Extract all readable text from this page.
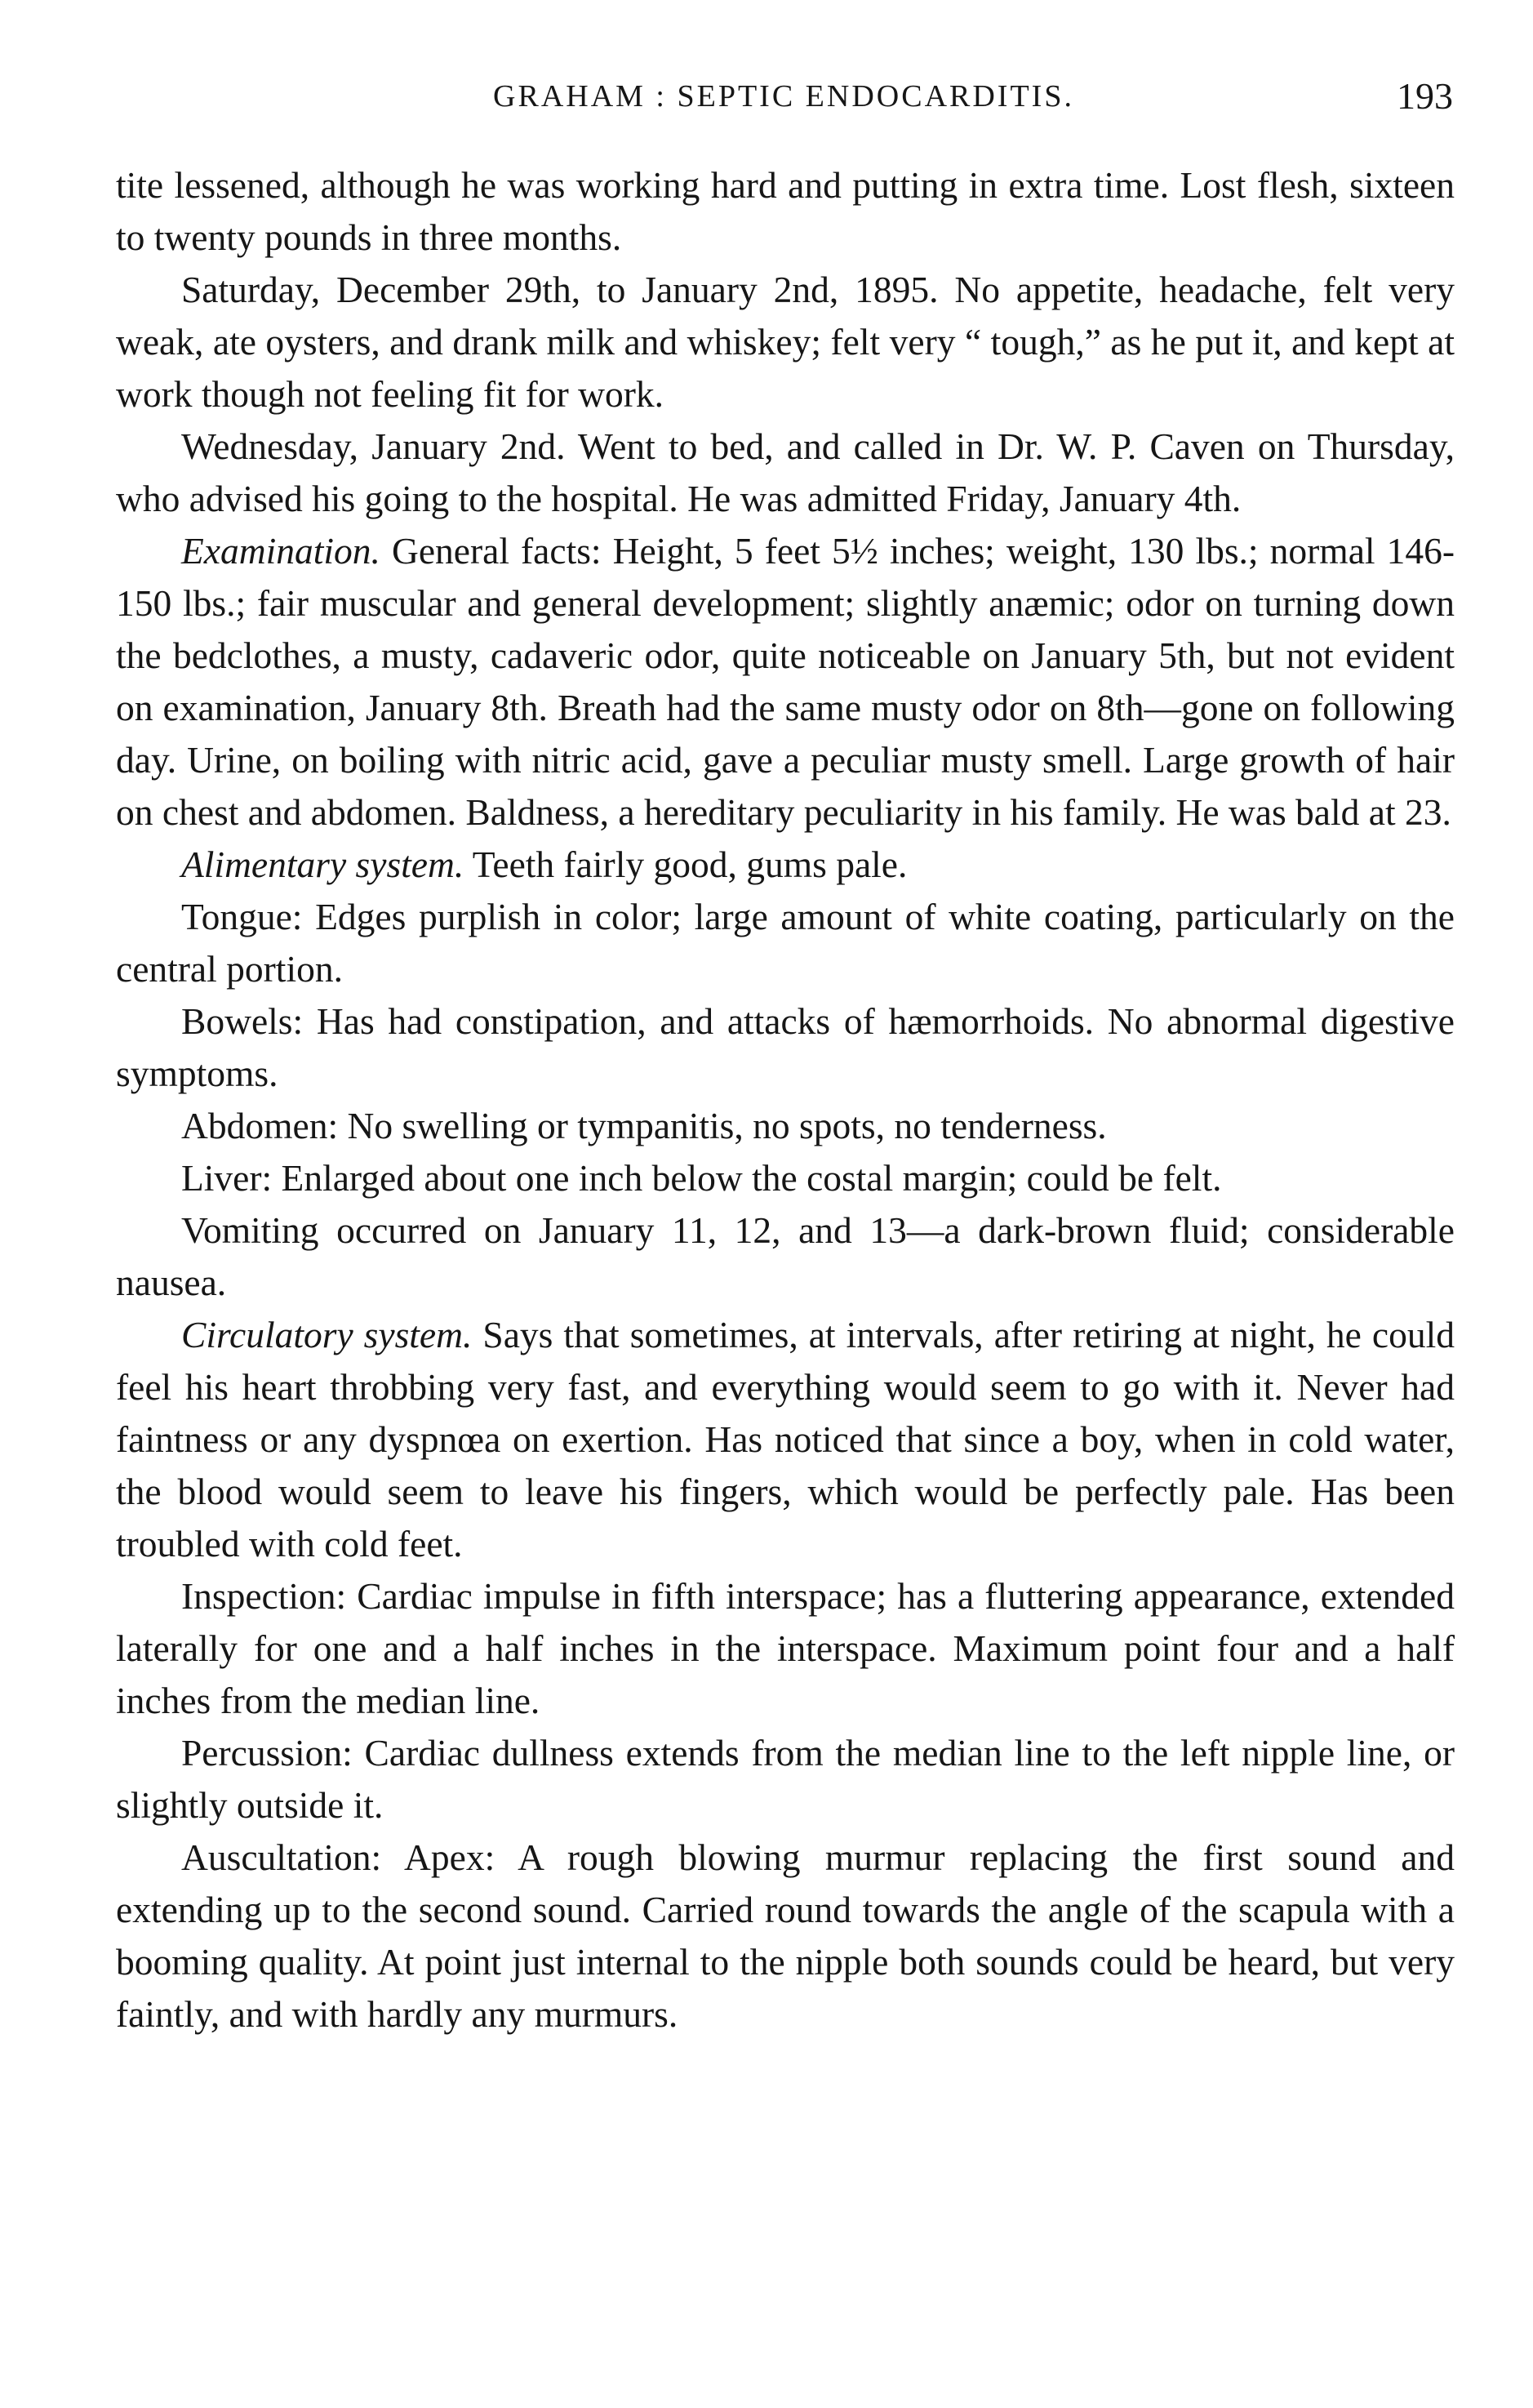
GRAHAM : SEPTIC ENDOCARDITIS.	193

tite lessened, although he was working hard and putting in extra time. Lost flesh, sixteen to twenty pounds in three months.

Saturday, December 29th, to January 2nd, 1895. No appetite, headache, felt very weak, ate oysters, and drank milk and whiskey; felt very “ tough,” as he put it, and kept at work though not feeling fit for work.

Wednesday, January 2nd. Went to bed, and called in Dr. W. P. Caven on Thursday, who advised his going to the hospital. He was admitted Friday, January 4th.

Examination. General facts: Height, 5 feet 5½ inches; weight, 130 lbs.; normal 146-150 lbs.; fair muscular and general development; slightly anæmic; odor on turning down the bedclothes, a musty, cadaveric odor, quite noticeable on January 5th, but not evident on examination, January 8th. Breath had the same musty odor on 8th—gone on following day. Urine, on boiling with nitric acid, gave a peculiar musty smell. Large growth of hair on chest and abdomen. Baldness, a hereditary peculiarity in his family. He was bald at 23.

Alimentary system. Teeth fairly good, gums pale.

Tongue: Edges purplish in color; large amount of white coating, particularly on the central portion.

Bowels: Has had constipation, and attacks of hæmorrhoids. No abnormal digestive symptoms.

Abdomen: No swelling or tympanitis, no spots, no tenderness.

Liver: Enlarged about one inch below the costal margin; could be felt.

Vomiting occurred on January 11, 12, and 13—a dark-brown fluid; considerable nausea.

Circulatory system. Says that sometimes, at intervals, after retiring at night, he could feel his heart throbbing very fast, and everything would seem to go with it. Never had faintness or any dyspnœa on exertion. Has noticed that since a boy, when in cold water, the blood would seem to leave his fingers, which would be perfectly pale. Has been troubled with cold feet.

Inspection: Cardiac impulse in fifth interspace; has a fluttering appearance, extended laterally for one and a half inches in the interspace. Maximum point four and a half inches from the median line.

Percussion: Cardiac dullness extends from the median line to the left nipple line, or slightly outside it.

Auscultation: Apex: A rough blowing murmur replacing the first sound and extending up to the second sound. Carried round towards the angle of the scapula with a booming quality. At point just internal to the nipple both sounds could be heard, but very faintly, and with hardly any murmurs.
